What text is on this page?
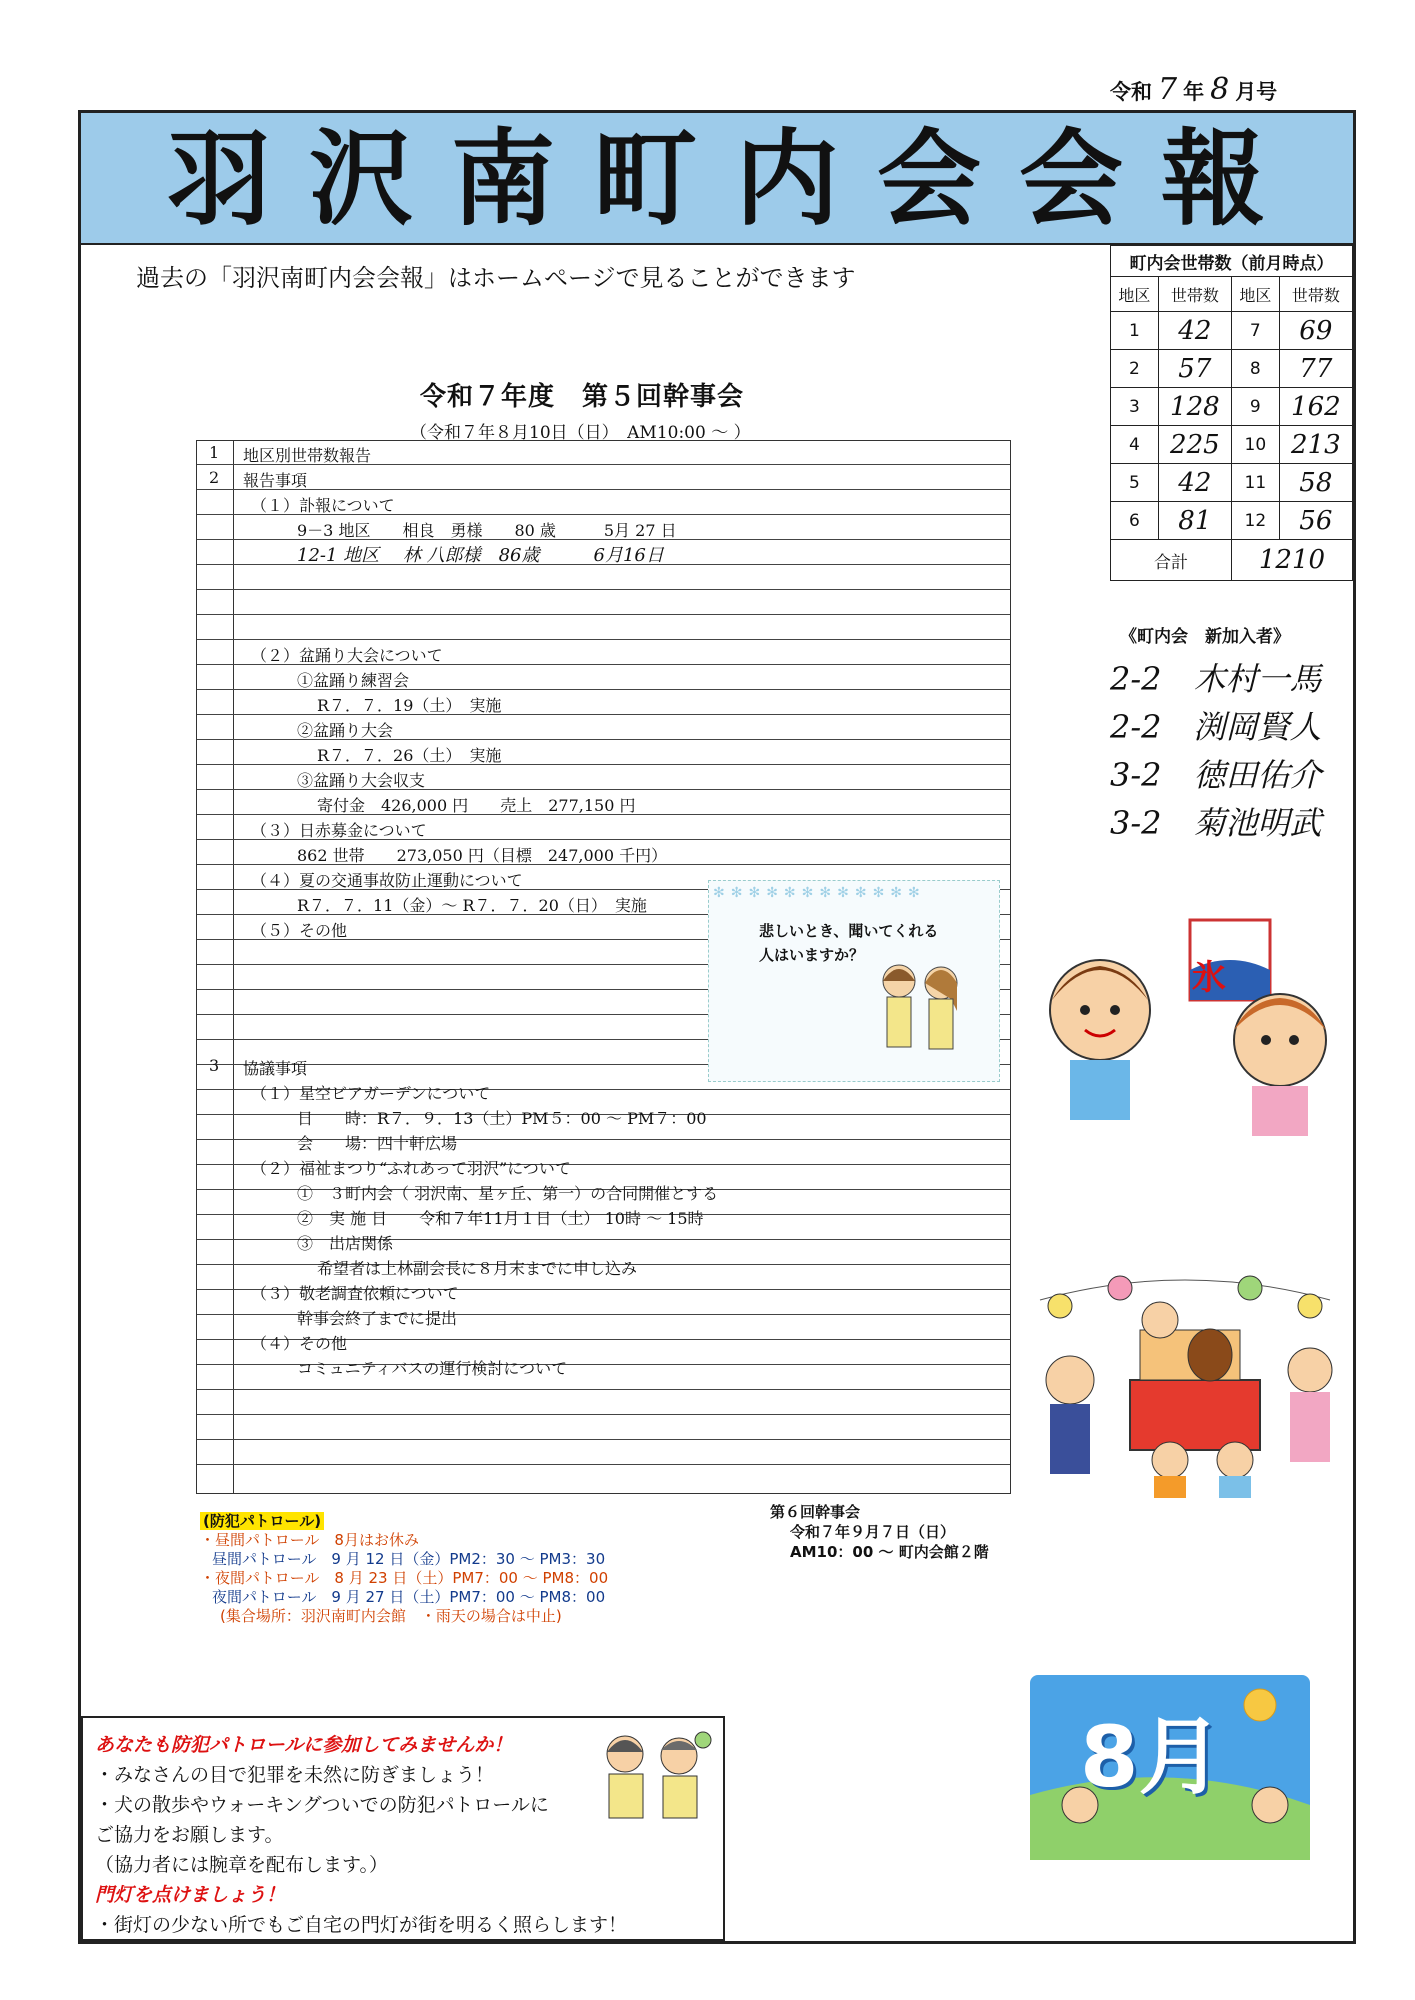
令和 7 年 8 月号
羽沢南町内会会報
過去の「羽沢南町内会会報」はホームページで見ることができます
町内会世帯数（前月時点）			
地区	世帯数	地区	世帯数
1	42	7	69
2	57	8	77
3	128	9	162
4	225	10	213
5	42	11	58
6	81	12	56
合計		1210	
令和７年度　第５回幹事会
（令和７年８月10日（日）　AM10:00 ～ ）
1 地区別世帯数報告
2 報告事項
（１）訃報について
9－3 地区　　相良　勇様　　80 歳　　　5月 27 日
12-1 地区　 林 八郎様　86歳　　　6月16日
（２）盆踊り大会について
①盆踊り練習会
R７．７．19（土）　実施
②盆踊り大会
R７．７．26（土）　実施
③盆踊り大会収支
寄付金　426,000 円　　売上　277,150 円
（３）日赤募金について
862 世帯　　273,050 円（目標　247,000 千円）
（４）夏の交通事故防止運動について
R７．７．11（金）～ R７．７．20（日）　実施
（５）その他
3 協議事項
（１）星空ビアガーデンについて
日　　時：R７．９．13（土）PM５：00 ～ PM７：00
会　　場：四十軒広場
（２）福祉まつり“ふれあって羽沢”について
①　３町内会（ 羽沢南、星ヶ丘、第一）の合同開催とする
②　実 施 日　　令和７年11月１日（土） 10時 ～ 15時
③　出店関係
希望者は上林副会長に８月末までに申し込み
（３）敬老調査依頼について
幹事会終了までに提出
（４）その他
コミュニティバスの運行検討について
悲しいとき、聞いてくれる
人はいますか？
✻✻✻✻✻✻✻✻✻✻✻✻
氷
《町内会　新加入者》
2-2　木村一馬
2-2　渕岡賢人
3-2　徳田佑介
3-2　菊池明武
(防犯パトロール)
・昼間パトロール　8月はお休み
昼間パトロール　9 月 12 日（金）PM2：30 ～ PM3：30
・夜間パトロール　8 月 23 日（土）PM7：00 ～ PM8：00
夜間パトロール　9 月 27 日（土）PM7：00 ～ PM8：00
(集合場所：羽沢南町内会館　・雨天の場合は中止)
第６回幹事会
令和７年９月７日（日）
AM10：00 ～ 町内会館２階
あなたも防犯パトロールに参加してみませんか！
・みなさんの目で犯罪を未然に防ぎましょう！
・犬の散歩やウォーキングついでの防犯パトロールに
ご協力をお願します。
（協力者には腕章を配布します。）
門灯を点けましょう！
・街灯の少ない所でもご自宅の門灯が街を明るく照らします！
8月
